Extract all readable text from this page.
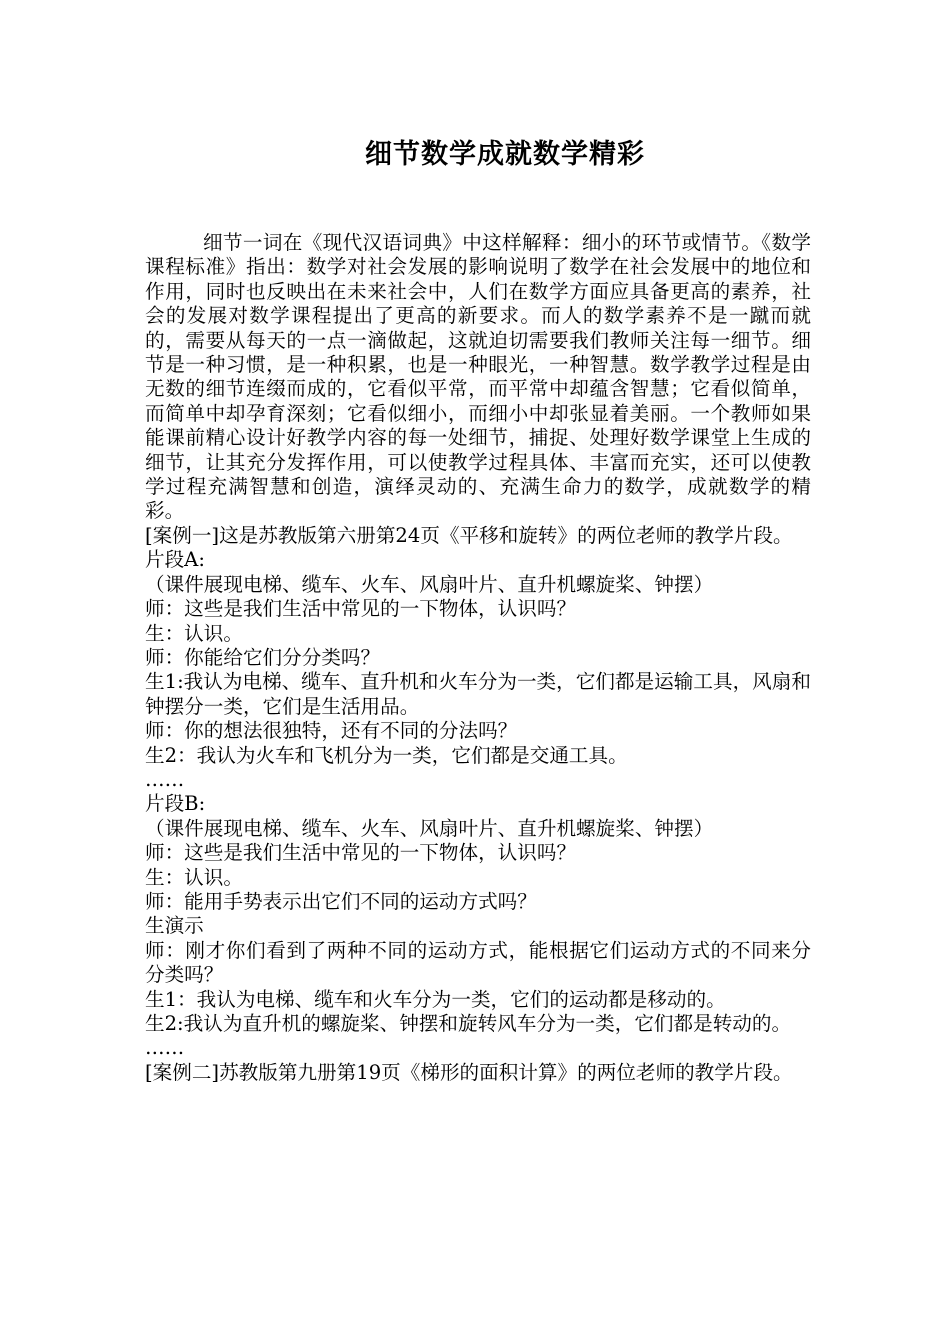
细节数学成就数学精彩

细节一词在《现代汉语词典》中这样解释：细小的环节或情节。《数学课程标准》指出：数学对社会发展的影响说明了数学在社会发展中的地位和作用，同时也反映出在未来社会中，人们在数学方面应具备更高的素养，社会的发展对数学课程提出了更高的新要求。而人的数学素养不是一蹴而就的，需要从每天的一点一滴做起，这就迫切需要我们教师关注每一细节。细节是一种习惯，是一种积累，也是一种眼光，一种智慧。数学教学过程是由无数的细节连缀而成的，它看似平常，而平常中却蕴含智慧；它看似简单，而简单中却孕育深刻；它看似细小，而细小中却张显着美丽。一个教师如果能课前精心设计好教学内容的每一处细节，捕捉、处理好数学课堂上生成的细节，让其充分发挥作用，可以使教学过程具体、丰富而充实，还可以使教学过程充满智慧和创造，演绎灵动的、充满生命力的数学，成就数学的精彩。

[案例一]这是苏教版第六册第24页《平移和旋转》的两位老师的教学片段。

片段A:

（课件展现电梯、缆车、火车、风扇叶片、直升机螺旋桨、钟摆）

师：这些是我们生活中常见的一下物体，认识吗？

生：认识。

师：你能给它们分分类吗？

生1:我认为电梯、缆车、直升机和火车分为一类，它们都是运输工具，风扇和钟摆分一类，它们是生活用品。

师：你的想法很独特，还有不同的分法吗？

生2：我认为火车和飞机分为一类，它们都是交通工具。

……

片段B:

（课件展现电梯、缆车、火车、风扇叶片、直升机螺旋桨、钟摆）

师：这些是我们生活中常见的一下物体，认识吗？

生：认识。

师：能用手势表示出它们不同的运动方式吗？

生演示

师：刚才你们看到了两种不同的运动方式，能根据它们运动方式的不同来分分类吗？

生1：我认为电梯、缆车和火车分为一类，它们的运动都是移动的。

生2:我认为直升机的螺旋桨、钟摆和旋转风车分为一类，它们都是转动的。

……

[案例二]苏教版第九册第19页《梯形的面积计算》的两位老师的教学片段。
